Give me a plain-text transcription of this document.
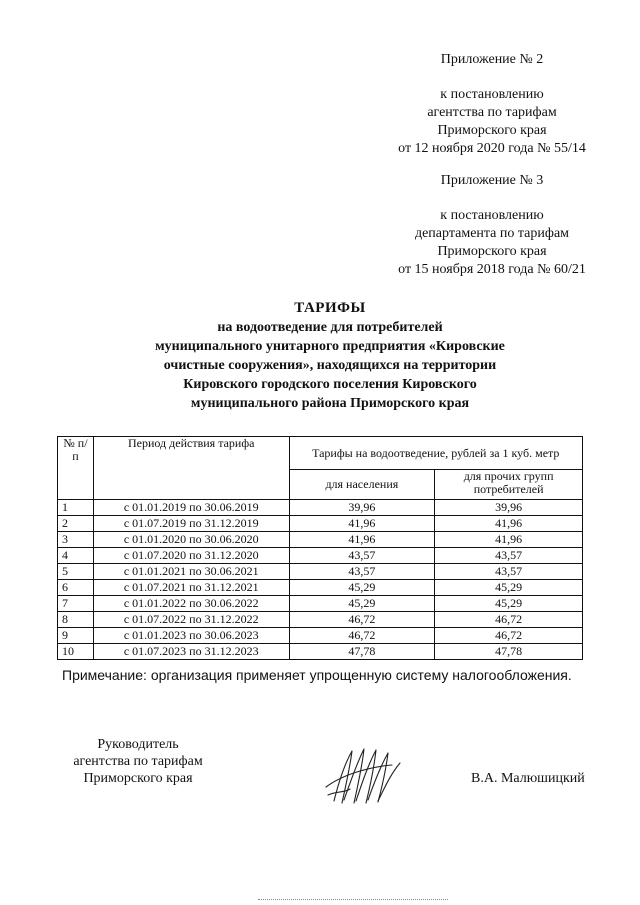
Приложение № 2
к постановлению
агентства по тарифам
Приморского края
от 12 ноября 2020 года № 55/14
Приложение № 3
к постановлению
департамента по тарифам
Приморского края
от 15 ноября 2018 года № 60/21
ТАРИФЫ
на водоотведение для потребителей
муниципального унитарного предприятия «Кировские
очистные сооружения», находящихся на территории
Кировского городского поселения Кировского
муниципального района Приморского края
№ п/п	Период действия тарифа	Тарифы на водоотведение, рублей за 1 куб. метр	
		для населения	для прочих групп потребителей
1	с 01.01.2019 по 30.06.2019	39,96	39,96
2	с 01.07.2019 по 31.12.2019	41,96	41,96
3	с 01.01.2020 по 30.06.2020	41,96	41,96
4	с 01.07.2020 по 31.12.2020	43,57	43,57
5	с 01.01.2021 по 30.06.2021	43,57	43,57
6	с 01.07.2021 по 31.12.2021	45,29	45,29
7	с 01.01.2022 по 30.06.2022	45,29	45,29
8	с 01.07.2022 по 31.12.2022	46,72	46,72
9	с 01.01.2023 по 30.06.2023	46,72	46,72
10	с 01.07.2023 по 31.12.2023	47,78	47,78
Примечание: организация применяет упрощенную систему налогообложения.
Руководитель
агентства по тарифам
Приморского края	В.А. Малюшицкий
